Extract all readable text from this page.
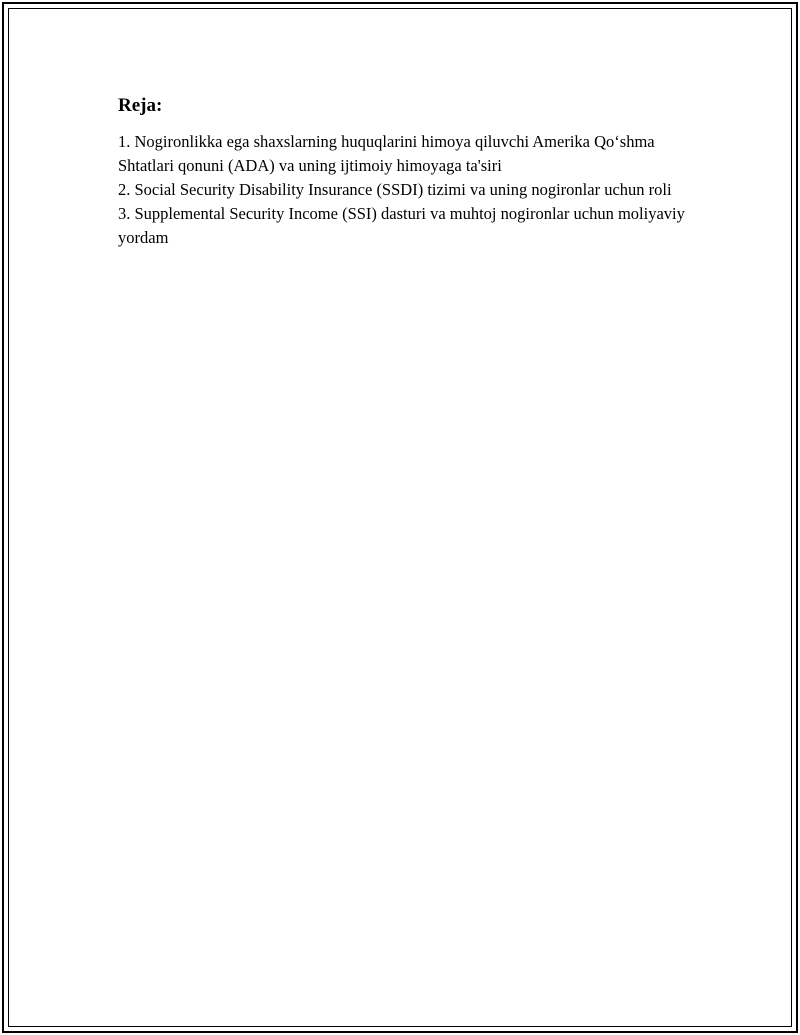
Reja:
1. Nogironlikka ega shaxslarning huquqlarini himoya qiluvchi Amerika Qo‘shma Shtatlari qonuni (ADA) va uning ijtimoiy himoyaga ta'siri
2. Social Security Disability Insurance (SSDI) tizimi va uning nogironlar uchun roli
3. Supplemental Security Income (SSI) dasturi va muhtoj nogironlar uchun moliyaviy yordam
